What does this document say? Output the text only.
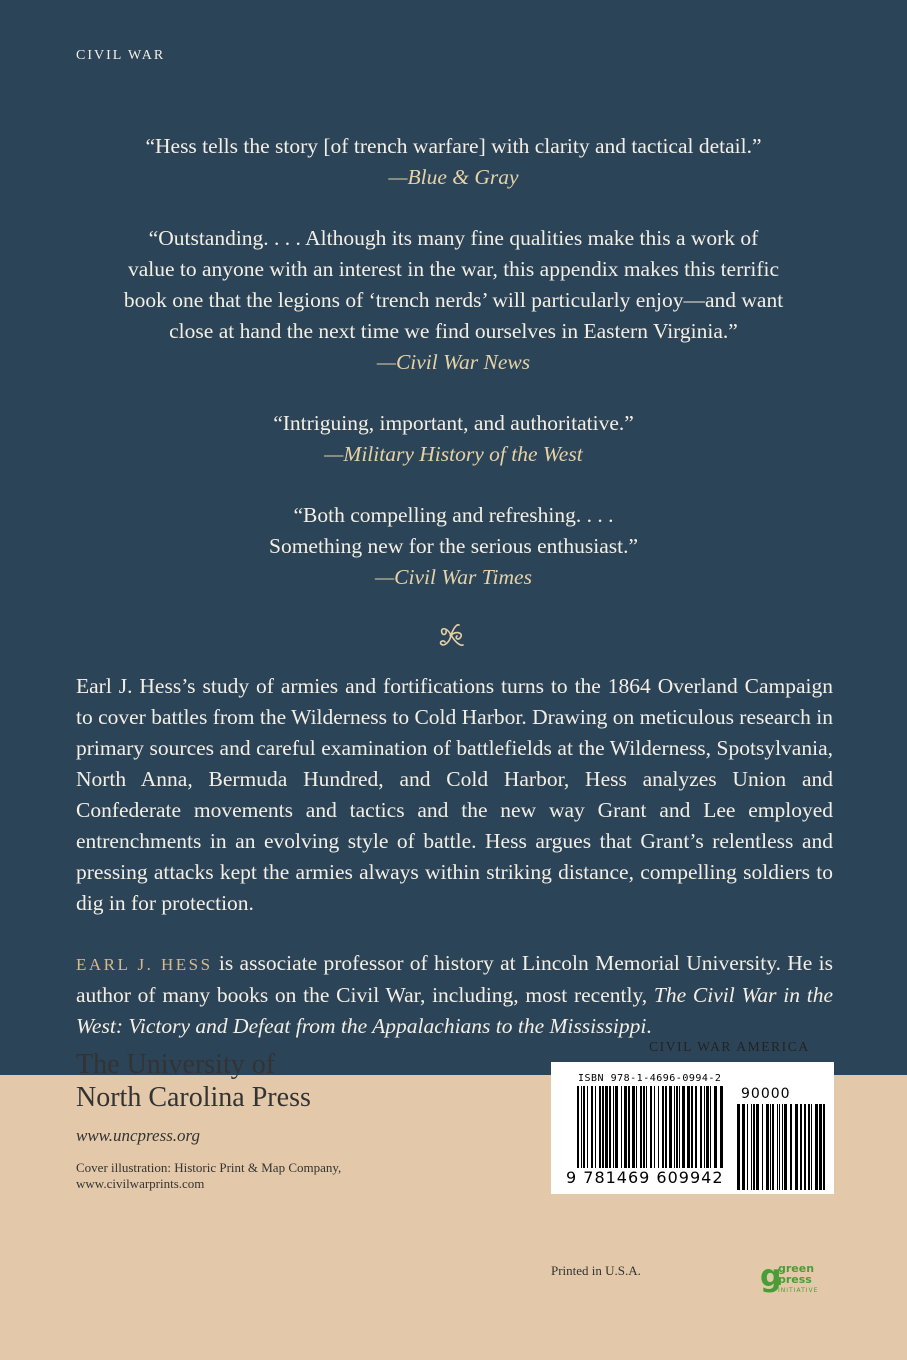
CIVIL WAR
“Hess tells the story [of trench warfare] with clarity and tactical detail.”
—Blue & Gray
“Outstanding. . . . Although its many fine qualities make this a work of
value to anyone with an interest in the war, this appendix makes this terrific
book one that the legions of ‘trench nerds’ will particularly enjoy—and want
close at hand the next time we find ourselves in Eastern Virginia.”
—Civil War News
“Intriguing, important, and authoritative.”
—Military History of the West
“Both compelling and refreshing. . . .
Something new for the serious enthusiast.”
—Civil War Times
Earl J. Hess’s study of armies and fortifications turns to the 1864 Overland Campaign to cover battles from the Wilderness to Cold Harbor. Drawing on meticulous research in primary sources and careful examination of battlefields at the Wilderness, Spotsylvania, North Anna, Bermuda Hundred, and Cold Harbor, Hess analyzes Union and Confederate movements and tactics and the new way Grant and Lee employed entrenchments in an evolving style of battle. Hess argues that Grant’s relentless and pressing attacks kept the armies always within striking distance, compelling soldiers to dig in for protection.
EARL J. HESS is associate professor of history at Lincoln Memorial University. He is author of many books on the Civil War, including, most recently, The Civil War in the West: Victory and Defeat from the Appalachians to the Mississippi.
The University of
North Carolina Press
www.uncpress.org
Cover illustration: Historic Print & Map Company,
www.civilwarprints.com
CIVIL WAR AMERICA
ISBN 978-1-4696-0994-2
9 781469 609942
90000
Printed in U.S.A.	g
green
press
INITIATIVE
